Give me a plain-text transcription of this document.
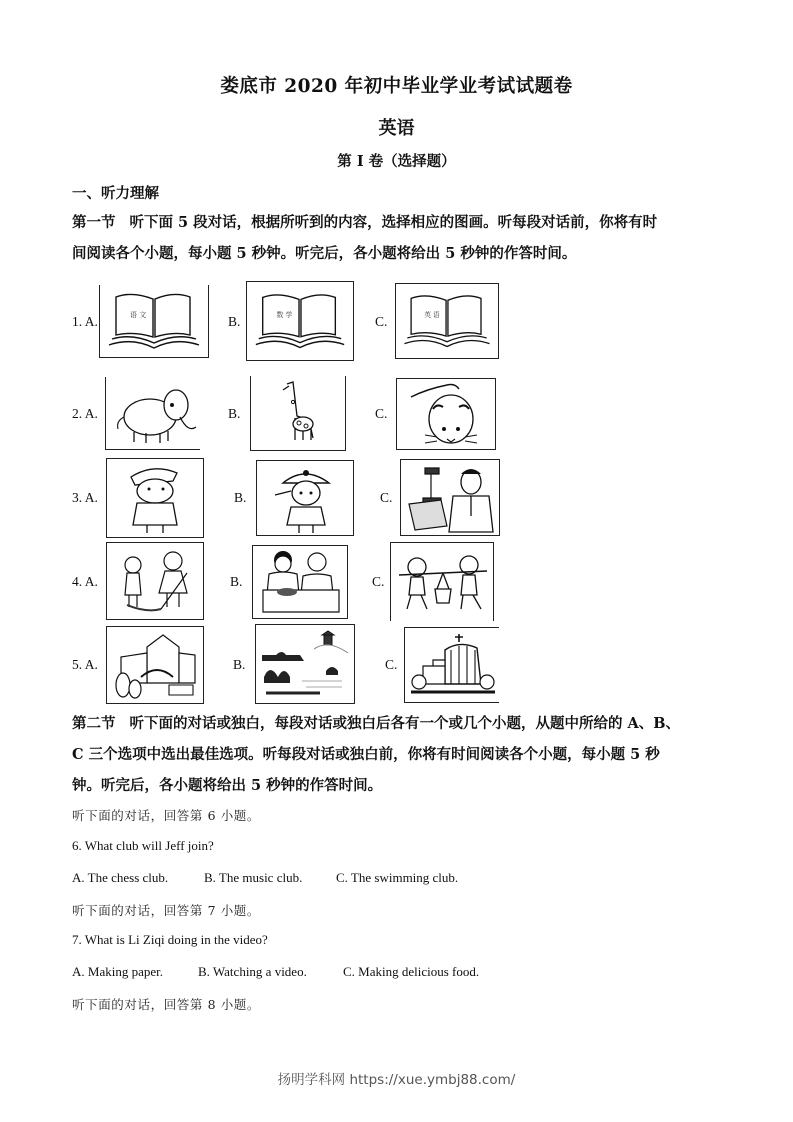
娄底市 2020 年初中毕业学业考试试题卷
英语
第 I 卷（选择题）
一、听力理解
第一节 听下面 5 段对话，根据所听到的内容，选择相应的图画。听每段对话前，你将有时
间阅读各个小题，每小题 5 秒钟。听完后，各小题将给出 5 秒钟的作答时间。
1. A.	语 文	B.	数 学	C.	英 语
2. A.	B.	C.
3. A.	B.	C.
4. A.	B.	C.
5. A.	B.	C.
第二节 听下面的对话或独白，每段对话或独白后各有一个或几个小题，从题中所给的 A、B、
C 三个选项中选出最佳选项。听每段对话或独白前，你将有时间阅读各个小题，每小题 5 秒
钟。听完后，各小题将给出 5 秒钟的作答时间。
听下面的对话，回答第 6 小题。
6. What club will Jeff join?
A. The chess club.	B. The music club.	C. The swimming club.
听下面的对话，回答第 7 小题。
7. What is Li Ziqi doing in the video?
A. Making paper.	B. Watching a video.	C. Making delicious food.
听下面的对话，回答第 8 小题。
扬明学科网 https://xue.ymbj88.com/
